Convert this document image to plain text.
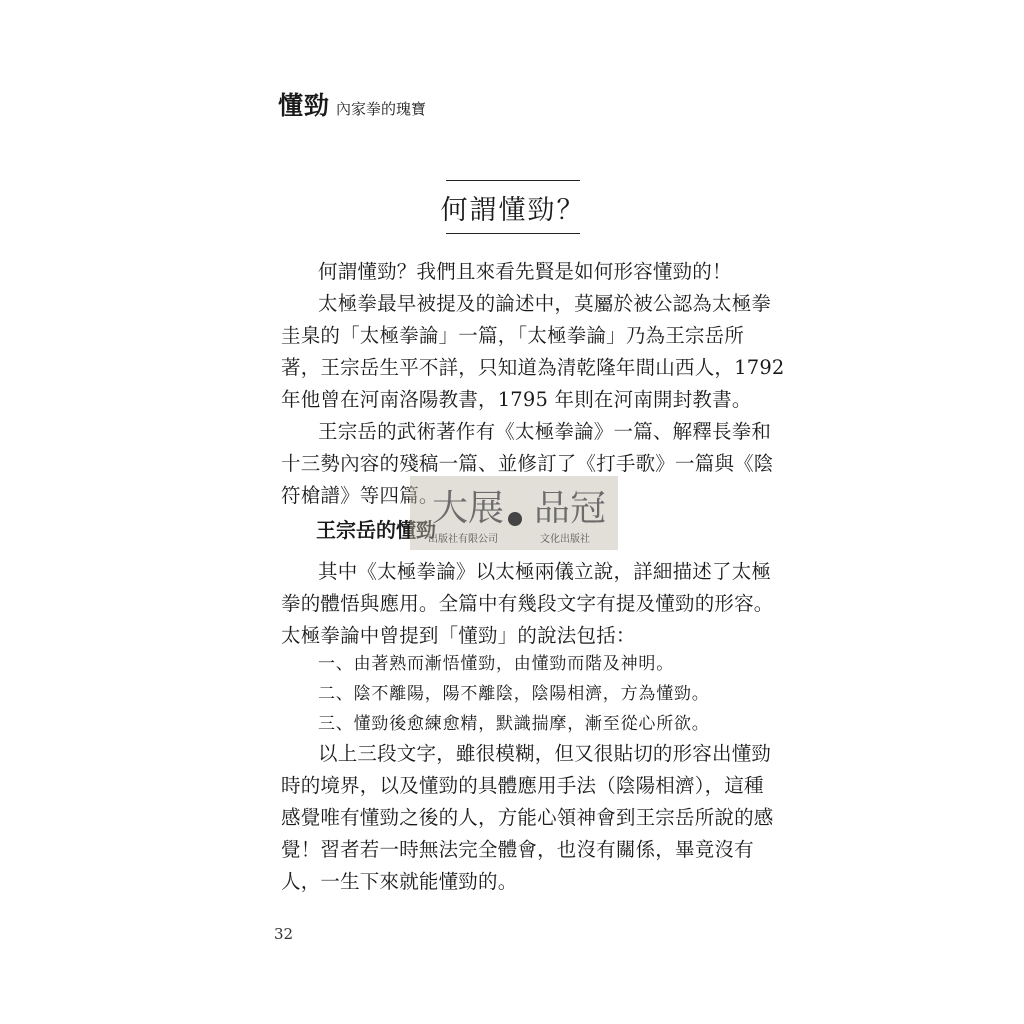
懂勁 內家拳的瑰寶
何謂懂勁？
何謂懂勁？我們且來看先賢是如何形容懂勁的！
太極拳最早被提及的論述中，莫屬於被公認為太極拳
圭臬的「太極拳論」一篇，「太極拳論」乃為王宗岳所
著，王宗岳生平不詳，只知道為清乾隆年間山西人，1792
年他曾在河南洛陽教書，1795 年則在河南開封教書。
王宗岳的武術著作有《太極拳論》一篇、解釋長拳和
十三勢內容的殘稿一篇、並修訂了《打手歌》一篇與《陰
符槍譜》等四篇。
王宗岳的懂勁
大展 品冠
出版社有限公司	文化出版社
其中《太極拳論》以太極兩儀立說，詳細描述了太極
拳的體悟與應用。全篇中有幾段文字有提及懂勁的形容。
太極拳論中曾提到「懂勁」的說法包括：
一、由著熟而漸悟懂勁，由懂勁而階及神明。
二、陰不離陽，陽不離陰，陰陽相濟，方為懂勁。
三、懂勁後愈練愈精，默識揣摩，漸至從心所欲。
以上三段文字，雖很模糊，但又很貼切的形容出懂勁
時的境界，以及懂勁的具體應用手法（陰陽相濟），這種
感覺唯有懂勁之後的人，方能心領神會到王宗岳所說的感
覺！習者若一時無法完全體會，也沒有關係，畢竟沒有
人，一生下來就能懂勁的。
32
